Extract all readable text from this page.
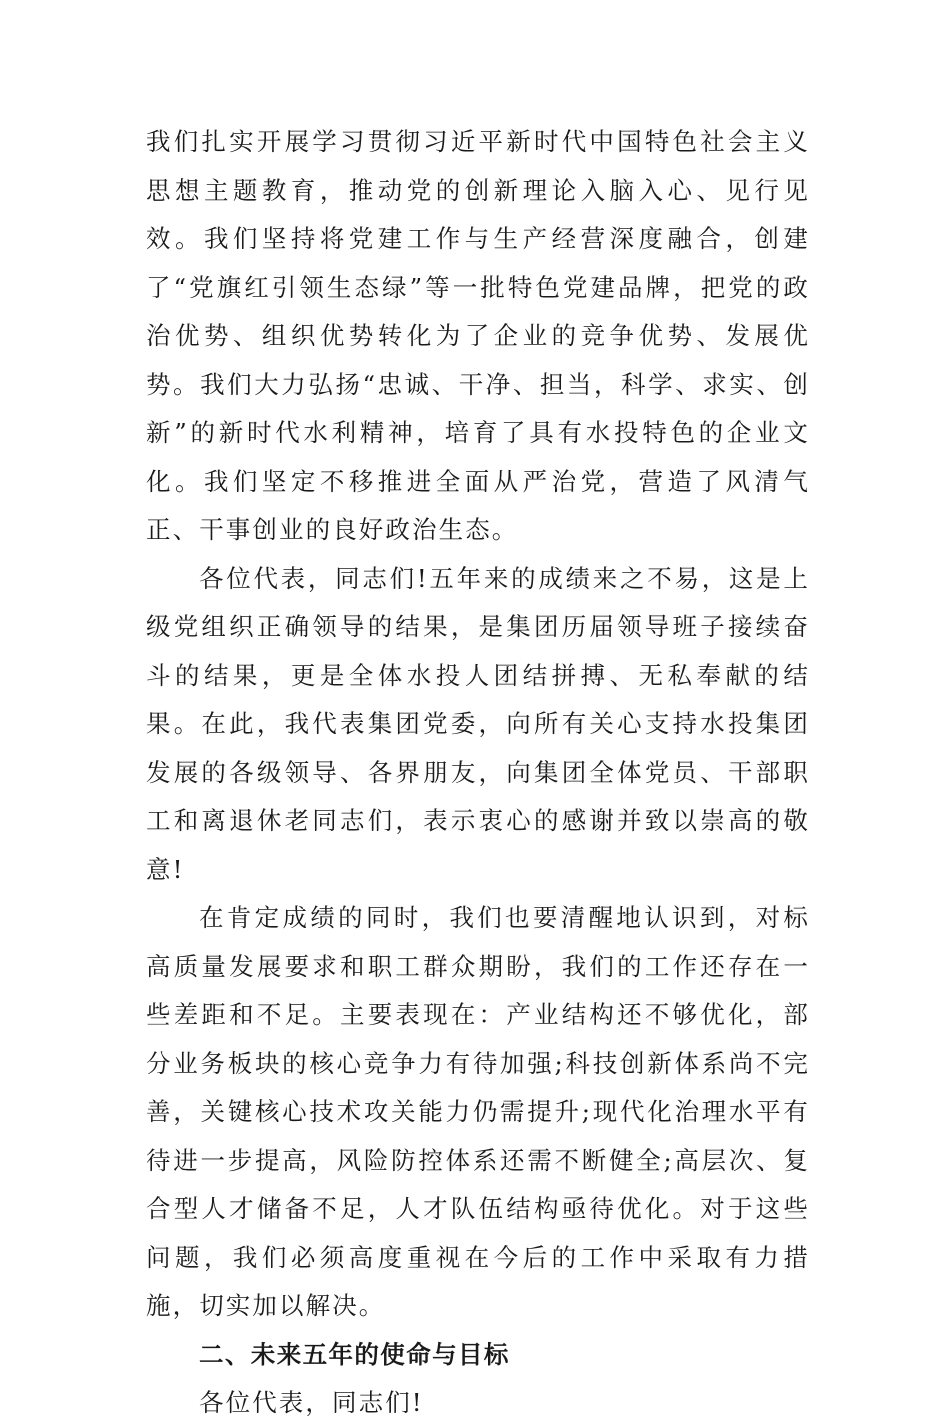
我们扎实开展学习贯彻习近平新时代中国特色社会主义思想主题教育，推动党的创新理论入脑入心、见行见效。我们坚持将党建工作与生产经营深度融合，创建了“党旗红引领生态绿”等一批特色党建品牌，把党的政治优势、组织优势转化为了企业的竞争优势、发展优势。我们大力弘扬“忠诚、干净、担当，科学、求实、创新”的新时代水利精神，培育了具有水投特色的企业文化。我们坚定不移推进全面从严治党，营造了风清气正、干事创业的良好政治生态。

各位代表，同志们!五年来的成绩来之不易，这是上级党组织正确领导的结果，是集团历届领导班子接续奋斗的结果，更是全体水投人团结拼搏、无私奉献的结果。在此，我代表集团党委，向所有关心支持水投集团发展的各级领导、各界朋友，向集团全体党员、干部职工和离退休老同志们，表示衷心的感谢并致以崇高的敬意!

在肯定成绩的同时，我们也要清醒地认识到，对标高质量发展要求和职工群众期盼，我们的工作还存在一些差距和不足。主要表现在：产业结构还不够优化，部分业务板块的核心竞争力有待加强;科技创新体系尚不完善，关键核心技术攻关能力仍需提升;现代化治理水平有待进一步提高，风险防控体系还需不断健全;高层次、复合型人才储备不足，人才队伍结构亟待优化。对于这些问题，我们必须高度重视在今后的工作中采取有力措施，切实加以解决。

二、未来五年的使命与目标

各位代表，同志们!
